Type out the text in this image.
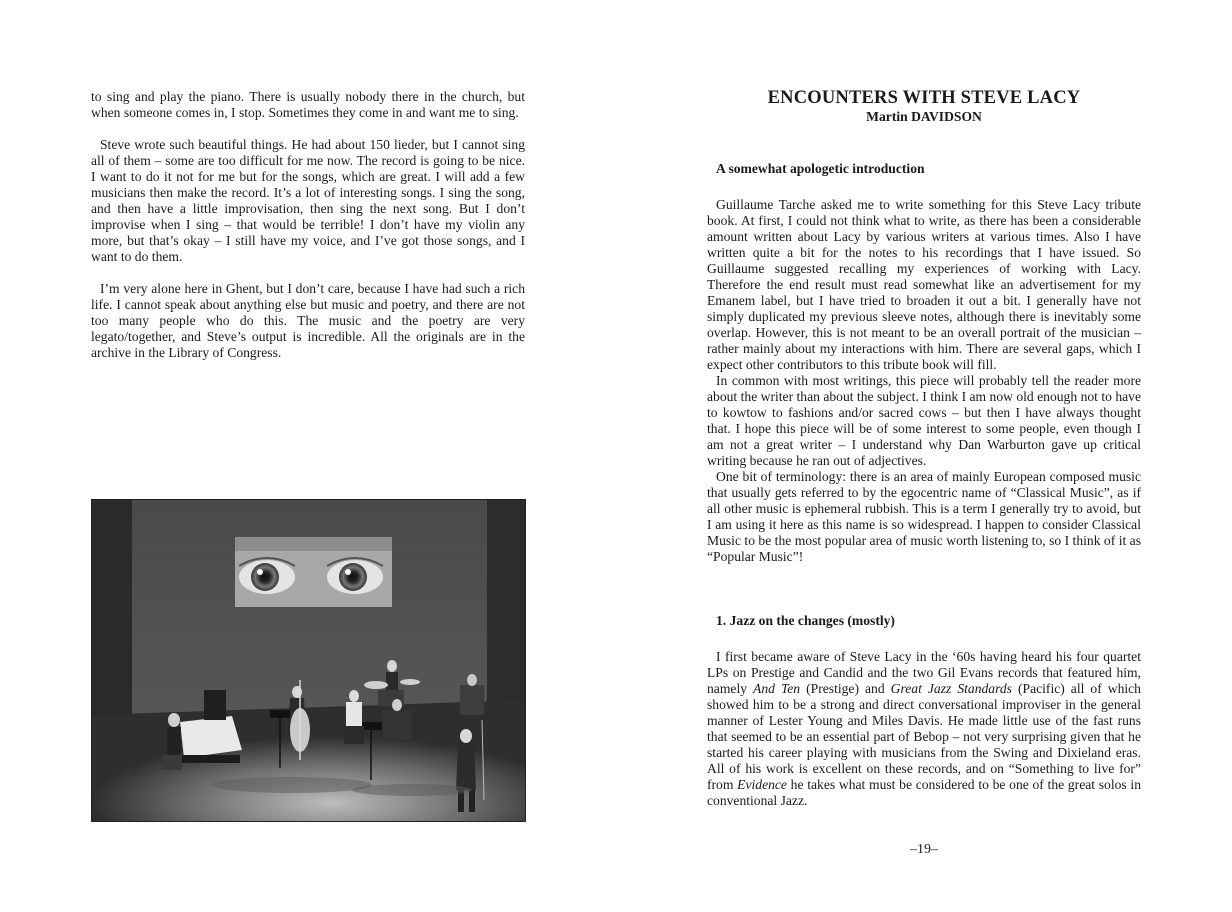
to sing and play the piano. There is usually nobody there in the church, but when someone comes in, I stop. Sometimes they come in and want me to sing.

Steve wrote such beautiful things. He had about 150 lieder, but I cannot sing all of them – some are too difficult for me now. The record is going to be nice. I want to do it not for me but for the songs, which are great. I will add a few musicians then make the record. It’s a lot of interesting songs. I sing the song, and then have a little improvisation, then sing the next song. But I don’t improvise when I sing – that would be terrible! I don’t have my violin any more, but that’s okay – I still have my voice, and I’ve got those songs, and I want to do them.

I’m very alone here in Ghent, but I don’t care, because I have had such a rich life. I cannot speak about anything else but music and poetry, and there are not too many people who do this. The music and the poetry are very legato/together, and Steve’s output is incredible. All the originals are in the archive in the Library of Congress.

ENCOUNTERS WITH STEVE LACY
Martin DAVIDSON
A somewhat apologetic introduction

Guillaume Tarche asked me to write something for this Steve Lacy tribute book. At first, I could not think what to write, as there has been a considerable amount written about Lacy by various writers at various times. Also I have written quite a bit for the notes to his recordings that I have issued. So Guillaume suggested recalling my experiences of working with Lacy. Therefore the end result must read somewhat like an advertisement for my Emanem label, but I have tried to broaden it out a bit. I generally have not simply duplicated my previous sleeve notes, although there is inevitably some overlap. However, this is not meant to be an overall portrait of the musician – rather mainly about my interactions with him. There are several gaps, which I expect other contributors to this tribute book will fill.

In common with most writings, this piece will probably tell the reader more about the writer than about the subject. I think I am now old enough not to have to kowtow to fashions and/or sacred cows – but then I have always thought that. I hope this piece will be of some interest to some people, even though I am not a great writer – I understand why Dan Warburton gave up critical writing because he ran out of adjectives.

One bit of terminology: there is an area of mainly European composed music that usually gets referred to by the egocentric name of “Classical Music”, as if all other music is ephemeral rubbish. This is a term I generally try to avoid, but I am using it here as this name is so widespread. I happen to consider Classical Music to be the most popular area of music worth listening to, so I think of it as “Popular Music”!

1. Jazz on the changes (mostly)

I first became aware of Steve Lacy in the ‘60s having heard his four quartet LPs on Prestige and Candid and the two Gil Evans records that featured him, namely And Ten (Prestige) and Great Jazz Standards (Pacific) all of which showed him to be a strong and direct conversational improviser in the general manner of Lester Young and Miles Davis. He made little use of the fast runs that seemed to be an essential part of Bebop – not very surprising given that he started his career playing with musicians from the Swing and Dixieland eras. All of his work is excellent on these records, and on “Something to live for” from Evidence he takes what must be considered to be one of the great solos in conventional Jazz.

–19–
